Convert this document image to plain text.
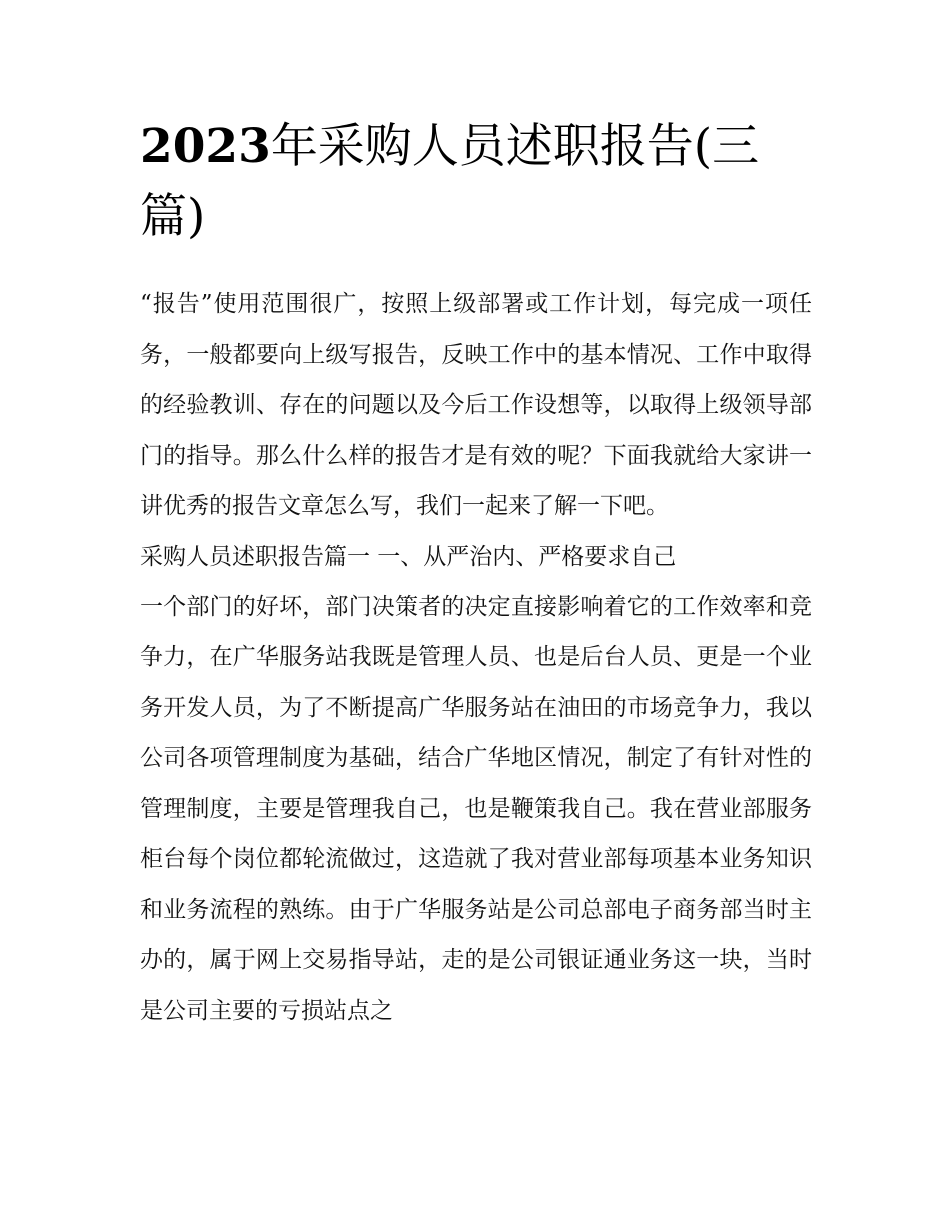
2023年采购人员述职报告(三篇)

“报告”使用范围很广，按照上级部署或工作计划，每完成一项任务，一般都要向上级写报告，反映工作中的基本情况、工作中取得的经验教训、存在的问题以及今后工作设想等，以取得上级领导部门的指导。那么什么样的报告才是有效的呢？下面我就给大家讲一讲优秀的报告文章怎么写，我们一起来了解一下吧。

采购人员述职报告篇一 一、从严治内、严格要求自己

一个部门的好坏，部门决策者的决定直接影响着它的工作效率和竞争力，在广华服务站我既是管理人员、也是后台人员、更是一个业务开发人员，为了不断提高广华服务站在油田的市场竞争力，我以公司各项管理制度为基础，结合广华地区情况，制定了有针对性的管理制度，主要是管理我自己，也是鞭策我自己。我在营业部服务柜台每个岗位都轮流做过，这造就了我对营业部每项基本业务知识和业务流程的熟练。由于广华服务站是公司总部电子商务部当时主办的，属于网上交易指导站，走的是公司银证通业务这一块，当时是公司主要的亏损站点之
